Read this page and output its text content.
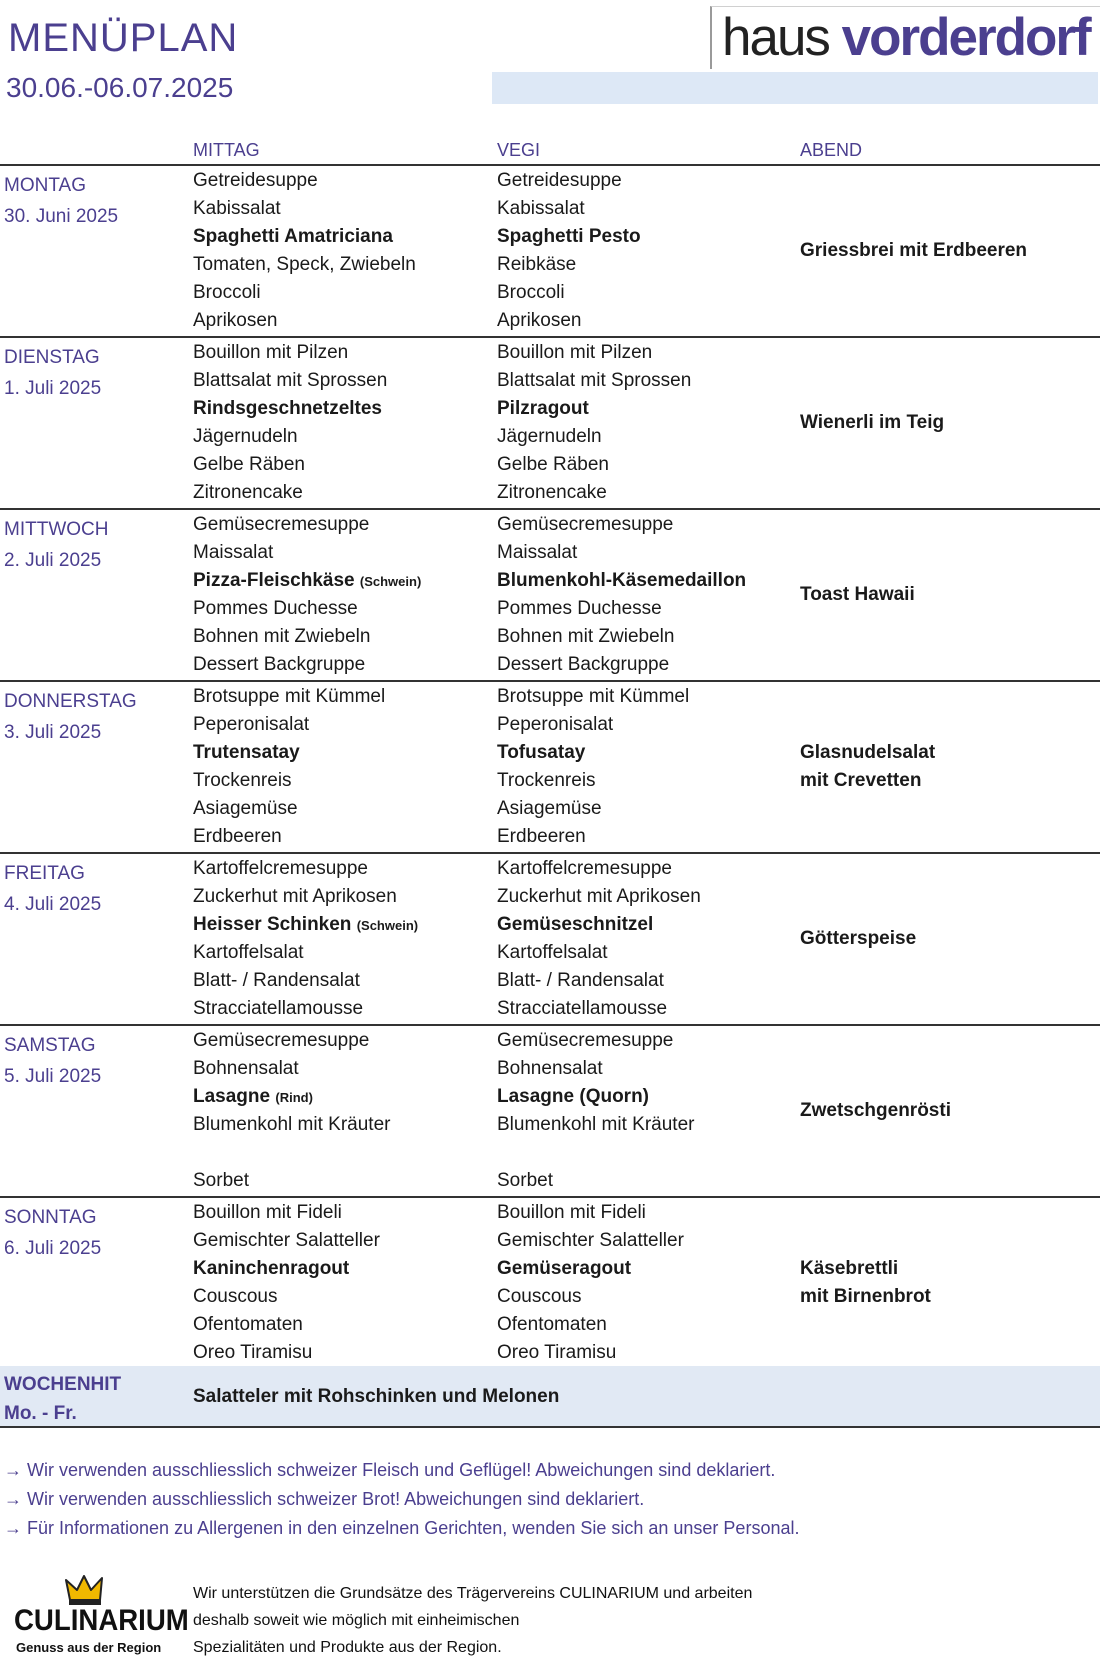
MENÜPLAN
30.06.-06.07.2025
haus vorderdorf
MITTAG	VEGI	ABEND
MONTAG
30. Juni 2025
Getreidesuppe
Kabissalat
Spaghetti Amatriciana
Tomaten, Speck, Zwiebeln
Broccoli
Aprikosen
Getreidesuppe
Kabissalat
Spaghetti Pesto
Reibkäse
Broccoli
Aprikosen
Griessbrei mit Erdbeeren
DIENSTAG
1. Juli 2025
Bouillon mit Pilzen
Blattsalat mit Sprossen
Rindsgeschnetzeltes
Jägernudeln
Gelbe Räben
Zitronencake
Bouillon mit Pilzen
Blattsalat mit Sprossen
Pilzragout
Jägernudeln
Gelbe Räben
Zitronencake
Wienerli im Teig
MITTWOCH
2. Juli 2025
Gemüsecremesuppe
Maissalat
Pizza-Fleischkäse (Schwein)
Pommes Duchesse
Bohnen mit Zwiebeln
Dessert Backgruppe
Gemüsecremesuppe
Maissalat
Blumenkohl-Käsemedaillon
Pommes Duchesse
Bohnen mit Zwiebeln
Dessert Backgruppe
Toast Hawaii
DONNERSTAG
3. Juli 2025
Brotsuppe mit Kümmel
Peperonisalat
Trutensatay
Trockenreis
Asiagemüse
Erdbeeren
Brotsuppe mit Kümmel
Peperonisalat
Tofusatay
Trockenreis
Asiagemüse
Erdbeeren
Glasnudelsalat
mit Crevetten
FREITAG
4. Juli 2025
Kartoffelcremesuppe
Zuckerhut mit Aprikosen
Heisser Schinken (Schwein)
Kartoffelsalat
Blatt- / Randensalat
Stracciatellamousse
Kartoffelcremesuppe
Zuckerhut mit Aprikosen
Gemüseschnitzel
Kartoffelsalat
Blatt- / Randensalat
Stracciatellamousse
Götterspeise
SAMSTAG
5. Juli 2025
Gemüsecremesuppe
Bohnensalat
Lasagne (Rind)
Blumenkohl mit Kräuter
Sorbet
Gemüsecremesuppe
Bohnensalat
Lasagne (Quorn)
Blumenkohl mit Kräuter
Sorbet
Zwetschgenrösti
SONNTAG
6. Juli 2025
Bouillon mit Fideli
Gemischter Salatteller
Kaninchenragout
Couscous
Ofentomaten
Oreo Tiramisu
Bouillon mit Fideli
Gemischter Salatteller
Gemüseragout
Couscous
Ofentomaten
Oreo Tiramisu
Käsebrettli
mit Birnenbrot
WOCHENHIT
Mo. - Fr.
Salatteler mit Rohschinken und Melonen
→ Wir verwenden ausschliesslich schweizer Fleisch und Geflügel! Abweichungen sind deklariert.
→ Wir verwenden ausschliesslich schweizer Brot! Abweichungen sind deklariert.
→ Für Informationen zu Allergenen in den einzelnen Gerichten, wenden Sie sich an unser Personal.
CULINARIUM
Genuss aus der Region
Wir unterstützen die Grundsätze des Trägervereins CULINARIUM und arbeiten
deshalb soweit wie möglich mit einheimischen
Spezialitäten und Produkte aus der Region.
